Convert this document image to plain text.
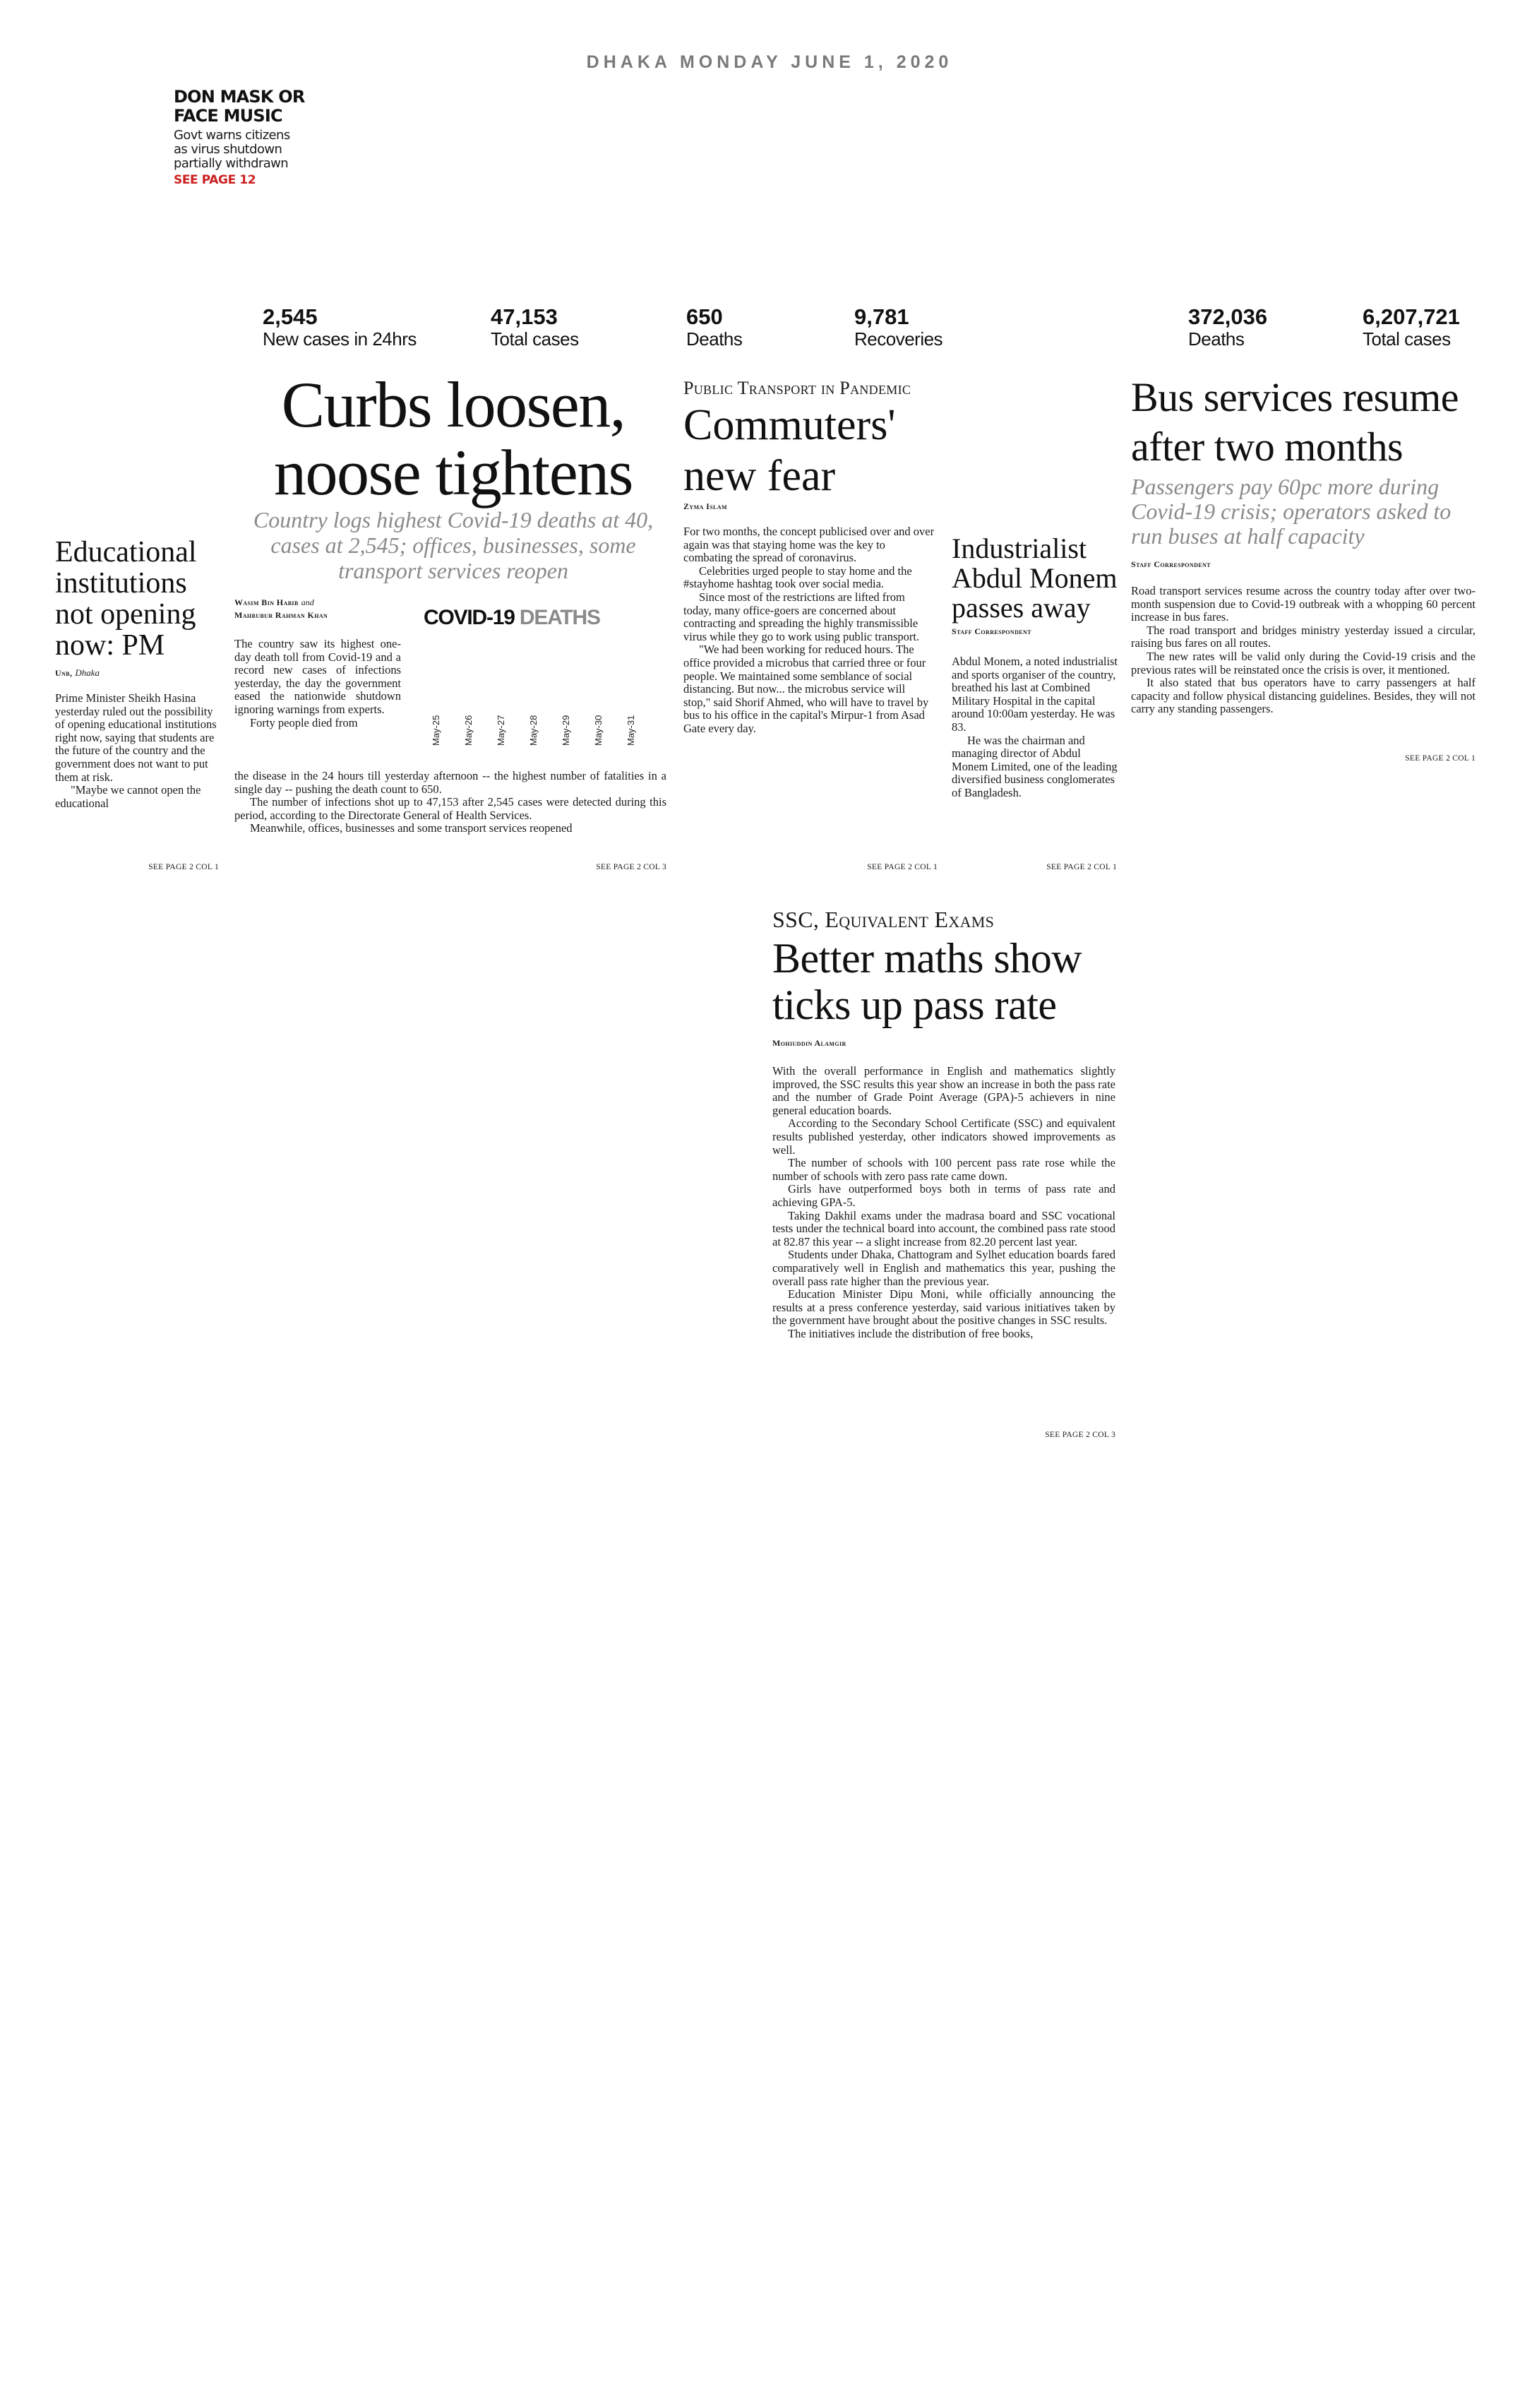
DHAKA MONDAY JUNE 1, 2020
DON MASK OR FACE MUSIC
Govt warns citizens as virus shutdown partially withdrawn
SEE PAGE 12
2,545
New cases in 24hrs
47,153
Total cases
650
Deaths
9,781
Recoveries
372,036
Deaths
6,207,721
Total cases
Curbs loosen, noose tightens
Country logs highest Covid-19 deaths at 40, cases at 2,545; offices, businesses, some transport services reopen
Wasim Bin Habib and
Mahbubur Rahman Khan

The country saw its highest one-day death toll from Covid-19 and a record new cases of infections yesterday, the day the government eased the nationwide shutdown ignoring warnings from experts.

Forty people died from

COVID-19 DEATHS
May-25 May-26 May-27 May-28 May-29 May-30 May-31

the disease in the 24 hours till yesterday afternoon -- the highest number of fatalities in a single day -- pushing the death count to 650.

The number of infections shot up to 47,153 after 2,545 cases were detected during this period, according to the Directorate General of Health Services.

Meanwhile, offices, businesses and some transport services reopened

SEE PAGE 2 COL 3
Educational institutions not opening now: PM
Unb, Dhaka

Prime Minister Sheikh Hasina yesterday ruled out the possibility of opening educational institutions right now, saying that students are the future of the country and the government does not want to put them at risk.

"Maybe we cannot open the educational

SEE PAGE 2 COL 1
Public Transport in Pandemic
Commuters' new fear
Zyma Islam

For two months, the concept publicised over and over again was that staying home was the key to combating the spread of coronavirus.

Celebrities urged people to stay home and the #stayhome hashtag took over social media.

Since most of the restrictions are lifted from today, many office-goers are concerned about contracting and spreading the highly transmissible virus while they go to work using public transport.

"We had been working for reduced hours. The office provided a microbus that carried three or four people. We maintained some semblance of social distancing. But now... the microbus service will stop," said Shorif Ahmed, who will have to travel by bus to his office in the capital's Mirpur-1 from Asad Gate every day.

SEE PAGE 2 COL 1
Industrialist Abdul Monem passes away
Staff Correspondent

Abdul Monem, a noted industrialist and sports organiser of the country, breathed his last at Combined Military Hospital in the capital around 10:00am yesterday. He was 83.

He was the chairman and managing director of Abdul Monem Limited, one of the leading diversified business conglomerates of Bangladesh.

SEE PAGE 2 COL 1
Bus services resume after two months
Passengers pay 60pc more during Covid-19 crisis; operators asked to run buses at half capacity
Staff Correspondent

Road transport services resume across the country today after over two-month suspension due to Covid-19 outbreak with a whopping 60 percent increase in bus fares.

The road transport and bridges ministry yesterday issued a circular, raising bus fares on all routes.

The new rates will be valid only during the Covid-19 crisis and the previous rates will be reinstated once the crisis is over, it mentioned.

It also stated that bus operators have to carry passengers at half capacity and follow physical distancing guidelines. Besides, they will not carry any standing passengers.

SEE PAGE 2 COL 1
SSC, Equivalent Exams
Better maths show ticks up pass rate
Mohiuddin Alamgir

With the overall performance in English and mathematics slightly improved, the SSC results this year show an increase in both the pass rate and the number of Grade Point Average (GPA)-5 achievers in nine general education boards.

According to the Secondary School Certificate (SSC) and equivalent results published yesterday, other indicators showed improvements as well.

The number of schools with 100 percent pass rate rose while the number of schools with zero pass rate came down.

Girls have outperformed boys both in terms of pass rate and achieving GPA-5.

Taking Dakhil exams under the madrasa board and SSC vocational tests under the technical board into account, the combined pass rate stood at 82.87 this year -- a slight increase from 82.20 percent last year.

Students under Dhaka, Chattogram and Sylhet education boards fared comparatively well in English and mathematics this year, pushing the overall pass rate higher than the previous year.

Education Minister Dipu Moni, while officially announcing the results at a press conference yesterday, said various initiatives taken by the government have brought about the positive changes in SSC results.

The initiatives include the distribution of free books,

SEE PAGE 2 COL 3
